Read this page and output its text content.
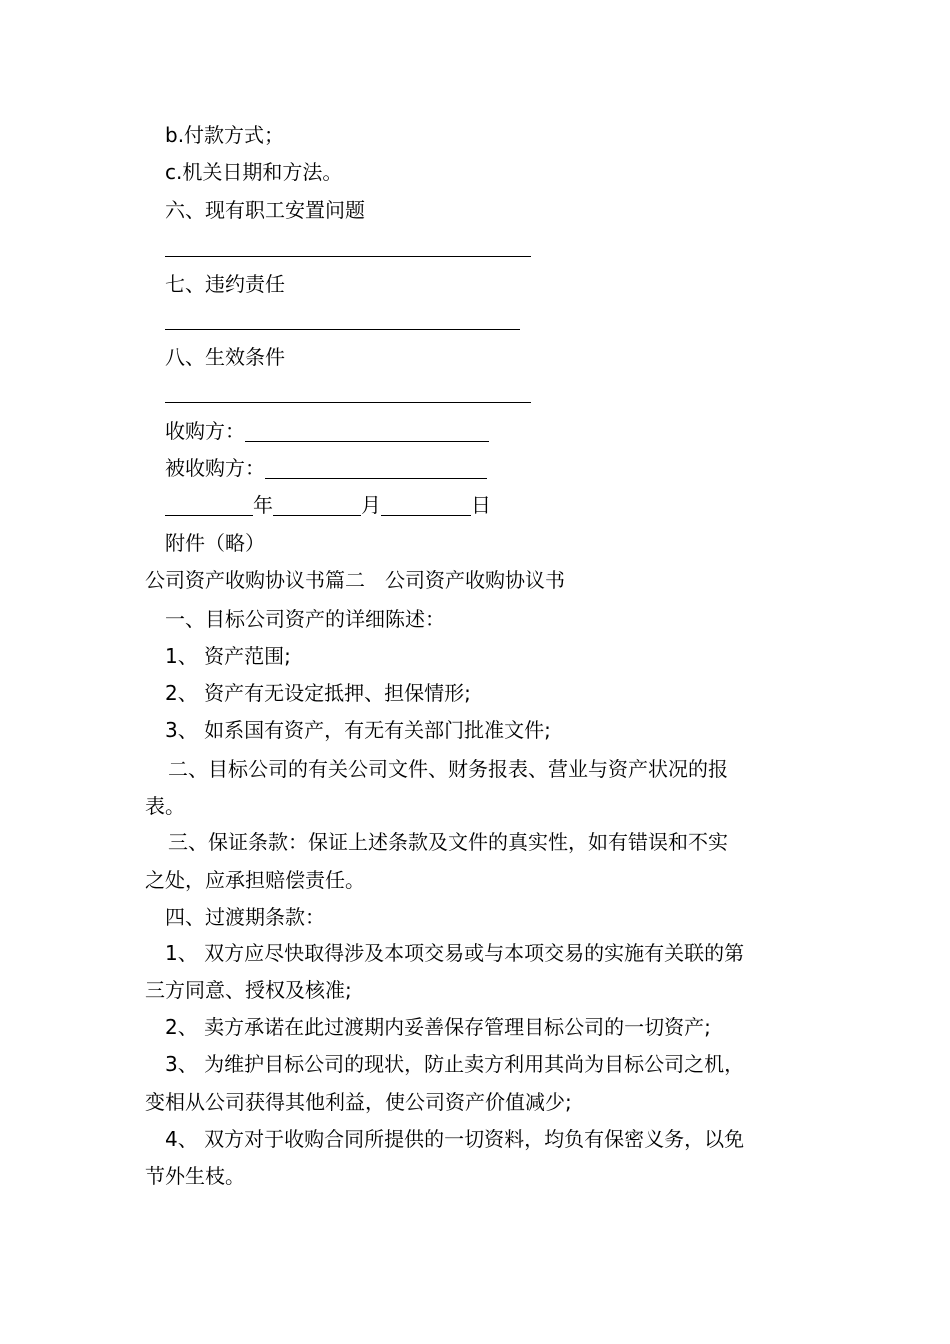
b.付款方式；
c.机关日期和方法。
六、现有职工安置问题
七、违约责任
八、生效条件
收购方：
被收购方：
年	月	日
附件（略）
公司资产收购协议书篇二　公司资产收购协议书
一、目标公司资产的详细陈述：
1、 资产范围;
2、 资产有无设定抵押、担保情形;
3、 如系国有资产，有无有关部门批准文件;
二、目标公司的有关公司文件、财务报表、营业与资产状况的报
表。
三、保证条款：保证上述条款及文件的真实性，如有错误和不实
之处，应承担赔偿责任。
四、过渡期条款：
1、 双方应尽快取得涉及本项交易或与本项交易的实施有关联的第
三方同意、授权及核准;
2、 卖方承诺在此过渡期内妥善保存管理目标公司的一切资产;
3、 为维护目标公司的现状，防止卖方利用其尚为目标公司之机，
变相从公司获得其他利益，使公司资产价值减少;
4、 双方对于收购合同所提供的一切资料，均负有保密义务，以免
节外生枝。
